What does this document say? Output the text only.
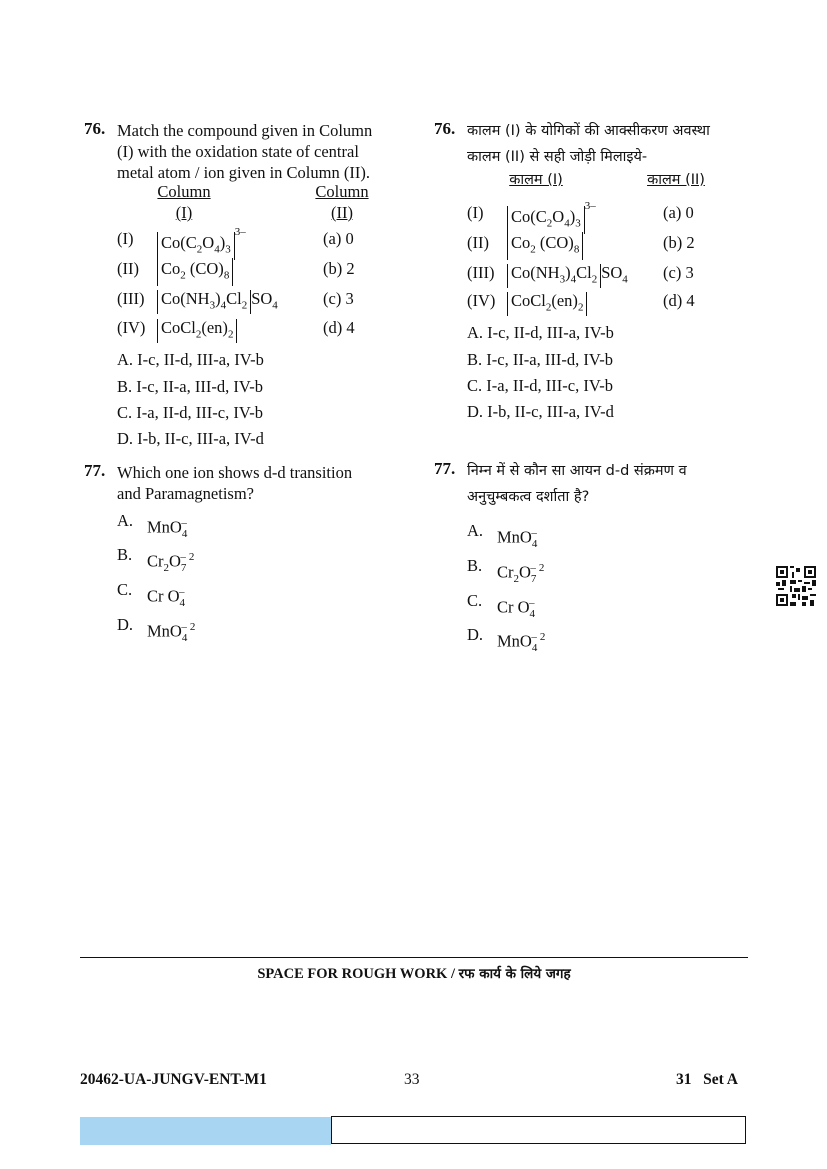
76. Match the compound given in Column
(I) with the oxidation state of central
metal atom / ion given in Column (II).
Column
(I)
Column
(II)
(I) $Co(C_2O_4)_3^{3-}$	(a) 0
(II) $Co_2$ $(CO)_8$	(b) 2
(III) $Co(NH_3)_4Cl_2$ $SO_4$	(c) 3
(IV) $CoCl_2(en)_2$	(d) 4
A. I-c, II-d, III-a, IV-b
B. I-c, II-a, III-d, IV-b
C. I-a, II-d, III-c, IV-b
D. I-b, II-c, III-a, IV-d
77. Which one ion shows d-d transition
and Paramagnetism?
A. MnO$_4$–
B. $Cr_2O_7^-$ $^2$
C. Cr $O_4^-$
D. MnO$_4$– $^2$
76. कालम (I) के योगिकों की आक्सीकरण अवस्था
कालम (II) से सही जोड़ी मिलाइये-
कालम (I)	कालम (II)
(I) $Co(C_2O_4)_3^{3-}$	(a) 0
(II) $Co_2$ $(CO)_8$	(b) 2
(III) $Co(NH_3)_4Cl_2$ $SO_4$ (c) 3
(IV) $CoCl_2(en)_2$	(d) 4
A. I-c, II-d, III-a, IV-b
B. I-c, II-a, III-d, IV-b
C. I-a, II-d, III-c, IV-b
D. I-b, II-c, III-a, IV-d
77. निम्न में से कौन सा आयन d-d संक्रमण व
अनुचुम्बकत्व दर्शाता है?
A. MnO$_4$–
B. $Cr_2O_7^-$ $^2$
C. Cr $O_4^-$
D. MnO$_4$– $^2$
SPACE FOR ROUGH WORK / रफ कार्य के लिये जगह
20462-UA-JUNGV-ENT-M1	33	31   Set A
